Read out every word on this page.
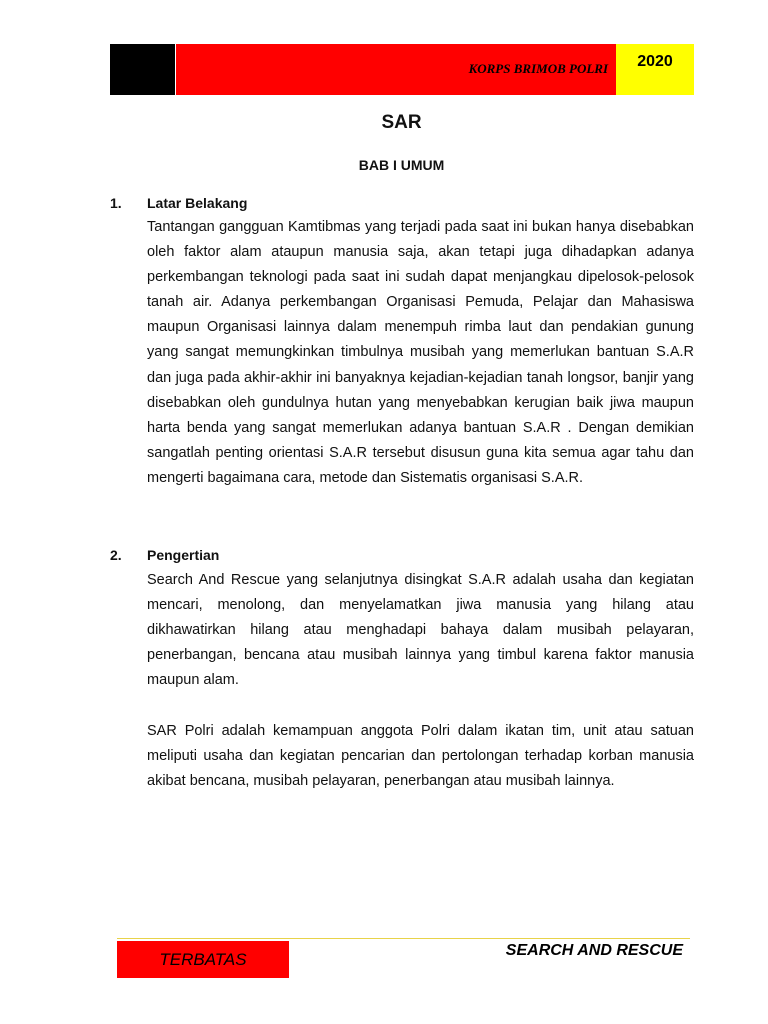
KORPS BRIMOB POLRI	2020
SAR
BAB I UMUM
1. Latar Belakang

Tantangan gangguan Kamtibmas yang terjadi pada saat ini bukan hanya disebabkan oleh faktor alam ataupun manusia saja, akan tetapi juga dihadapkan adanya perkembangan teknologi pada saat ini sudah dapat menjangkau dipelosok-pelosok tanah air. Adanya perkembangan Organisasi Pemuda, Pelajar dan Mahasiswa maupun Organisasi lainnya dalam menempuh rimba laut dan pendakian gunung yang sangat memungkinkan timbulnya musibah yang memerlukan bantuan S.A.R dan juga pada akhir-akhir ini banyaknya kejadian-kejadian tanah longsor, banjir yang disebabkan oleh gundulnya hutan yang menyebabkan kerugian baik jiwa maupun harta benda yang sangat memerlukan adanya bantuan S.A.R . Dengan demikian sangatlah penting orientasi S.A.R tersebut disusun guna kita semua agar tahu dan mengerti bagaimana cara, metode dan Sistematis organisasi S.A.R.

2. Pengertian

Search And Rescue yang selanjutnya disingkat S.A.R adalah usaha dan kegiatan mencari, menolong, dan menyelamatkan jiwa manusia yang hilang atau dikhawatirkan hilang atau menghadapi bahaya dalam musibah pelayaran, penerbangan, bencana atau musibah lainnya yang timbul karena faktor manusia maupun alam.

SAR Polri adalah kemampuan anggota Polri dalam ikatan tim, unit atau satuan meliputi usaha dan kegiatan pencarian dan pertolongan terhadap korban manusia akibat bencana, musibah pelayaran, penerbangan atau musibah lainnya.

TERBATAS	SEARCH AND RESCUE
